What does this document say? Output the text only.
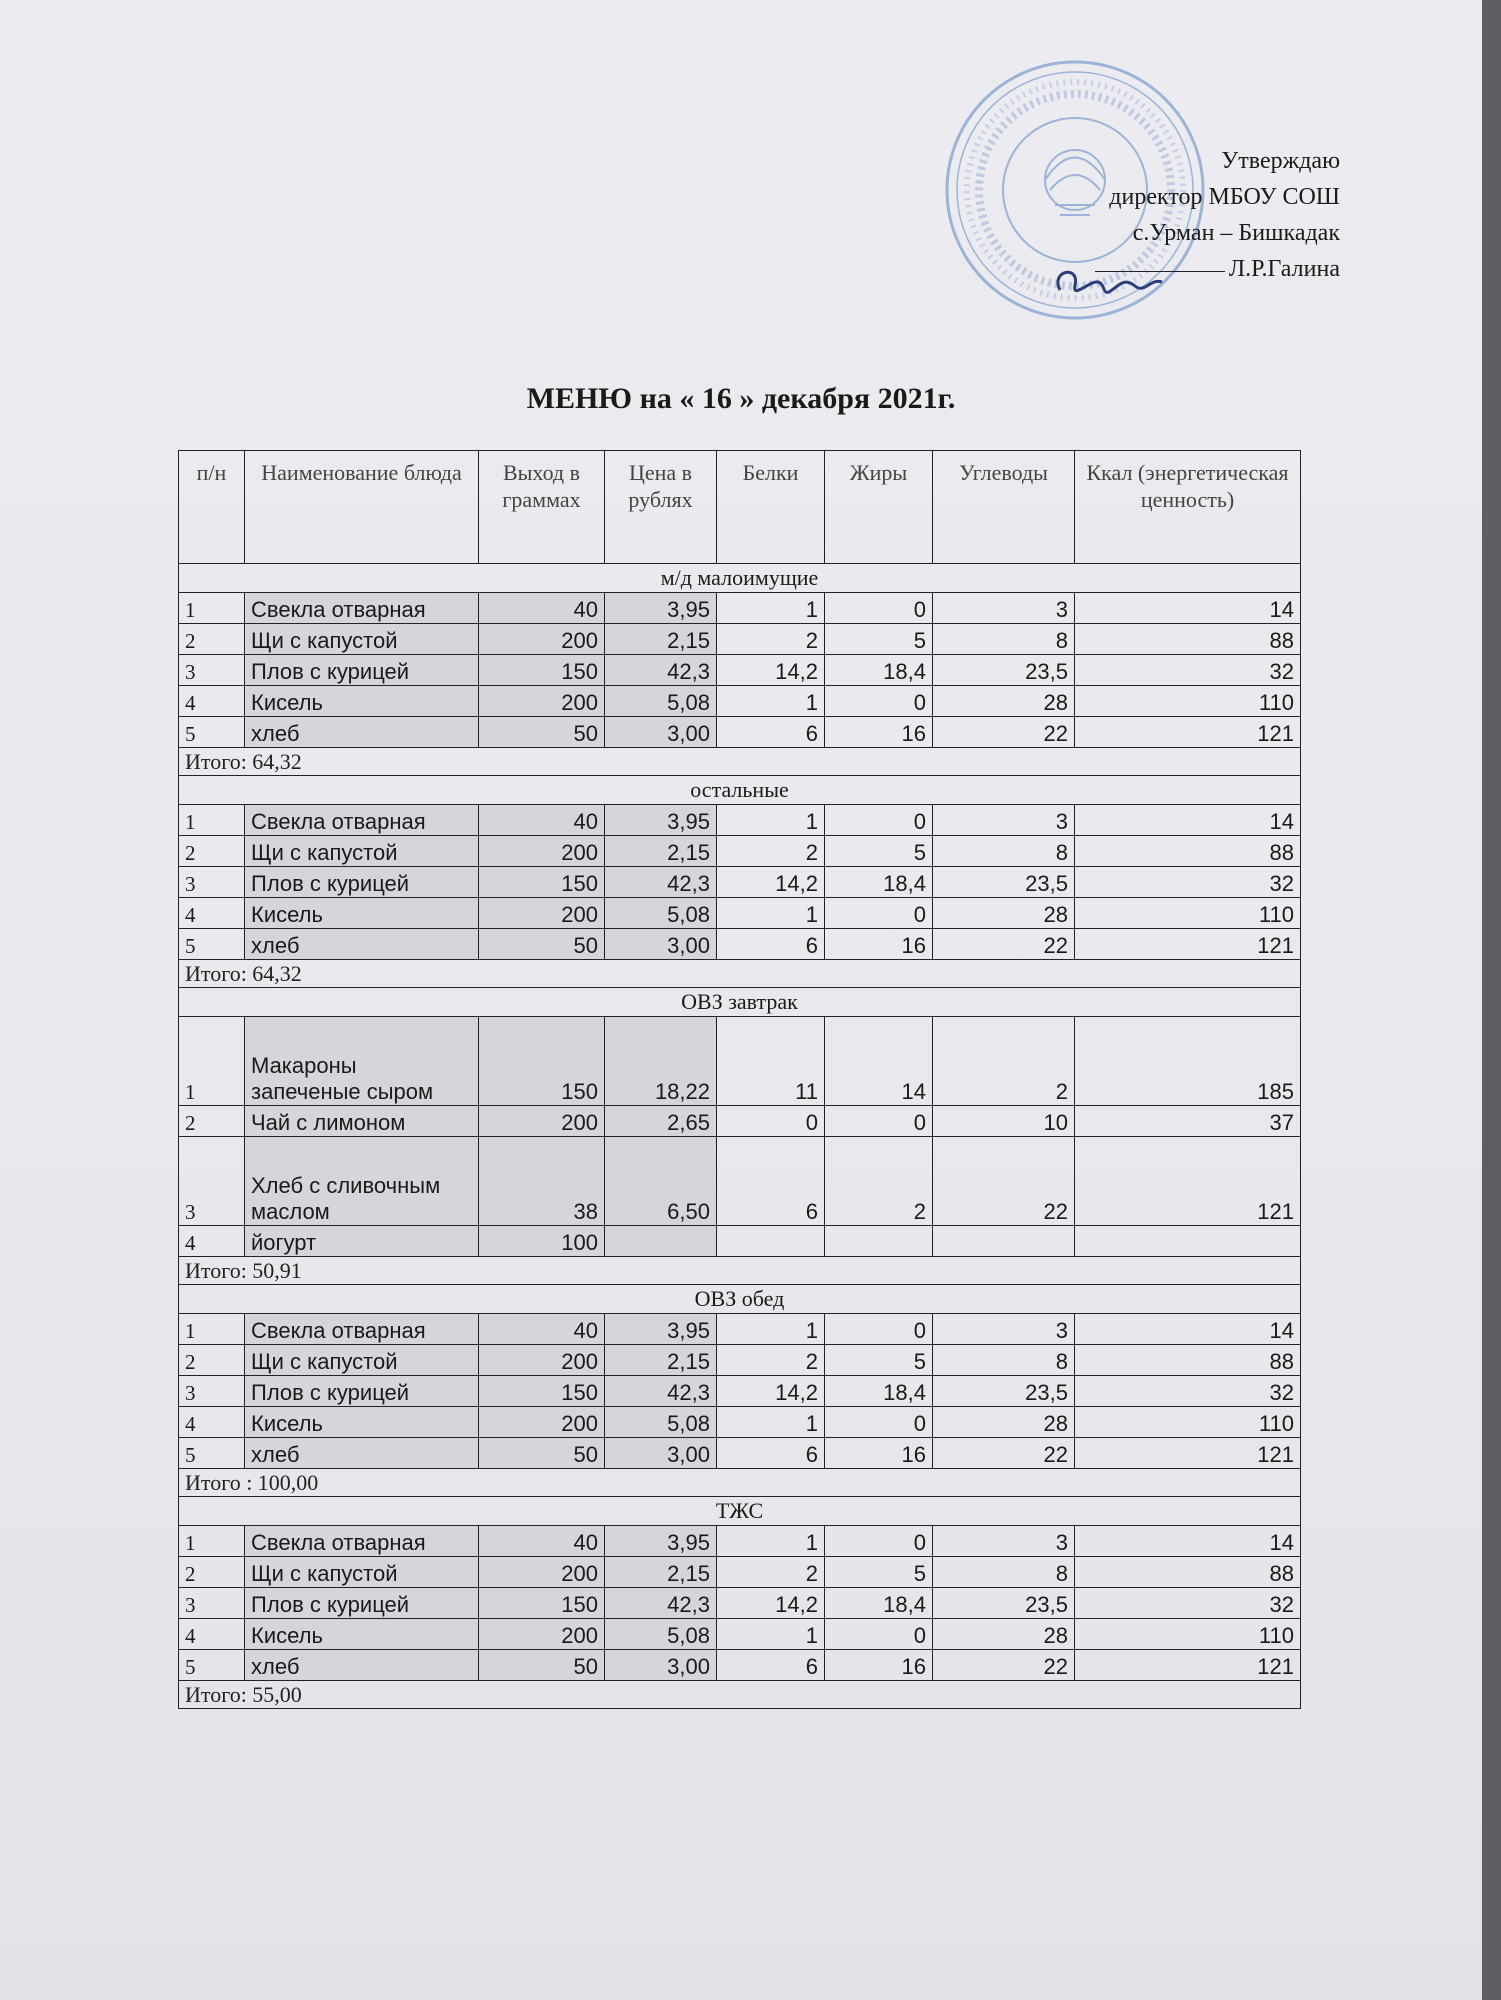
Утверждаю
директор МБОУ СОШ
с.Урман – Бишкадак
Л.Р.Галина
МЕНЮ на « 16 » декабря 2021г.
п/н	Наименование блюда	Выход в граммах	Цена в рублях	Белки	Жиры	Углеводы	Ккал (энергетическая ценность)
м/д малоимущие							
1	Свекла отварная	40	3,95	1	0	3	14
2	Щи с капустой	200	2,15	2	5	8	88
3	Плов с курицей	150	42,3	14,2	18,4	23,5	32
4	Кисель	200	5,08	1	0	28	110
5	хлеб	50	3,00	6	16	22	121
Итого: 64,32							
остальные							
1	Свекла отварная	40	3,95	1	0	3	14
2	Щи с капустой	200	2,15	2	5	8	88
3	Плов с курицей	150	42,3	14,2	18,4	23,5	32
4	Кисель	200	5,08	1	0	28	110
5	хлеб	50	3,00	6	16	22	121
Итого: 64,32							
ОВЗ завтрак							
1	Макароны запеченые сыром	150	18,22	11	14	2	185
2	Чай с лимоном	200	2,65	0	0	10	37
3	Хлеб с сливочным маслом	38	6,50	6	2	22	121
4	йогурт	100					
Итого: 50,91							
ОВЗ обед							
1	Свекла отварная	40	3,95	1	0	3	14
2	Щи с капустой	200	2,15	2	5	8	88
3	Плов с курицей	150	42,3	14,2	18,4	23,5	32
4	Кисель	200	5,08	1	0	28	110
5	хлеб	50	3,00	6	16	22	121
Итого : 100,00							
ТЖС							
1	Свекла отварная	40	3,95	1	0	3	14
2	Щи с капустой	200	2,15	2	5	8	88
3	Плов с курицей	150	42,3	14,2	18,4	23,5	32
4	Кисель	200	5,08	1	0	28	110
5	хлеб	50	3,00	6	16	22	121
Итого: 55,00							
